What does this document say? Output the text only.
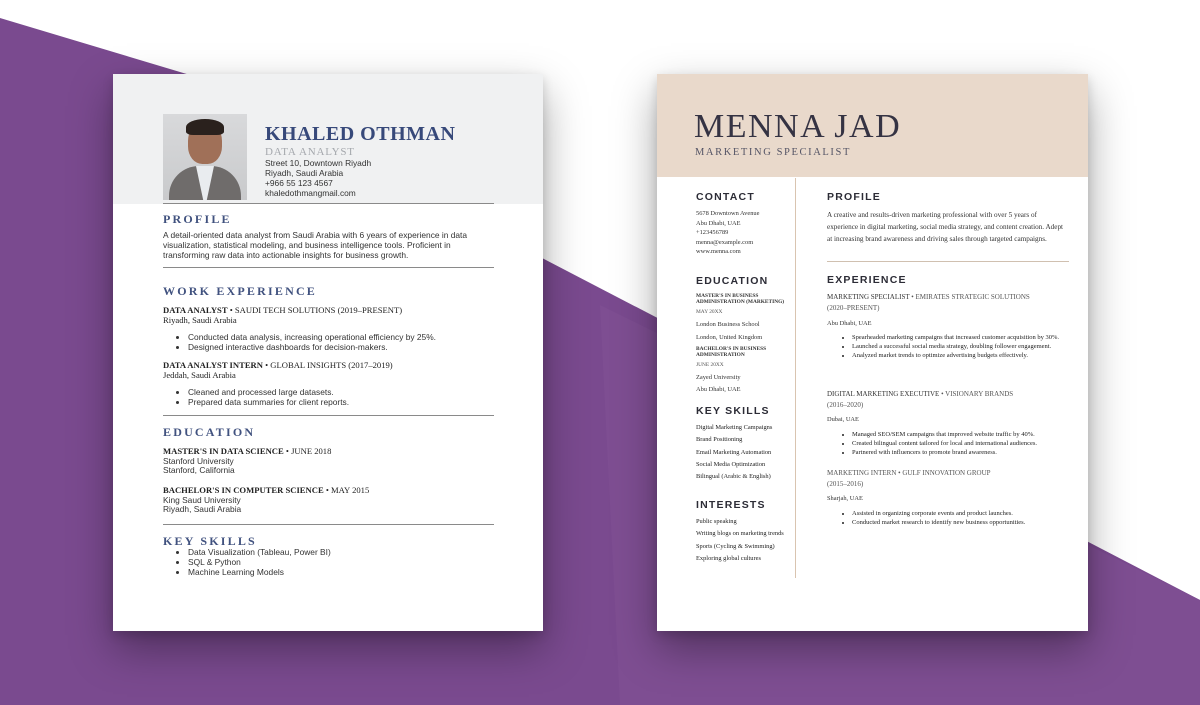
KHALED OTHMAN
DATA ANALYST
Street 10, Downtown Riyadh
Riyadh, Saudi Arabia
+966 55 123 4567
khaledothmangmail.com
PROFILE
A detail-oriented data analyst from Saudi Arabia with 6 years of experience in data visualization, statistical modeling, and business intelligence tools. Proficient in transforming raw data into actionable insights for business growth.
WORK EXPERIENCE
DATA ANALYST • SAUDI TECH SOLUTIONS (2019–PRESENT)
Riyadh, Saudi Arabia
• Conducted data analysis, increasing operational efficiency by 25%.
• Designed interactive dashboards for decision-makers.
DATA ANALYST INTERN • GLOBAL INSIGHTS (2017–2019)
Jeddah, Saudi Arabia
• Cleaned and processed large datasets.
• Prepared data summaries for client reports.
EDUCATION
MASTER'S IN DATA SCIENCE • JUNE 2018
Stanford University
Stanford, California
BACHELOR'S IN COMPUTER SCIENCE • MAY 2015
King Saud University
Riyadh, Saudi Arabia
KEY SKILLS
• Data Visualization (Tableau, Power BI)
• SQL & Python
• Machine Learning Models
MENNA JAD
MARKETING SPECIALIST
CONTACT
5678 Downtown Avenue
Abu Dhabi, UAE
+123456789
menna@example.com
www.menna.com
EDUCATION
MASTER'S IN BUSINESS ADMINISTRATION (MARKETING)
MAY 20XX
London Business School
London, United Kingdom
BACHELOR'S IN BUSINESS ADMINISTRATION
JUNE 20XX
Zayed University
Abu Dhabi, UAE
KEY SKILLS
Digital Marketing Campaigns
Brand Positioning
Email Marketing Automation
Social Media Optimization
Bilingual (Arabic & English)
INTERESTS
Public speaking
Writing blogs on marketing trends
Sports (Cycling & Swimming)
Exploring global cultures
PROFILE
A creative and results-driven marketing professional with over 5 years of experience in digital marketing, social media strategy, and content creation. Adept at increasing brand awareness and driving sales through targeted campaigns.
EXPERIENCE
MARKETING SPECIALIST • EMIRATES STRATEGIC SOLUTIONS
(2020–PRESENT)
Abu Dhabi, UAE
• Spearheaded marketing campaigns that increased customer acquisition by 30%.
• Launched a successful social media strategy, doubling follower engagement.
• Analyzed market trends to optimize advertising budgets effectively.
DIGITAL MARKETING EXECUTIVE • VISIONARY BRANDS
(2016–2020)
Dubai, UAE
• Managed SEO/SEM campaigns that improved website traffic by 40%.
• Created bilingual content tailored for local and international audiences.
• Partnered with influencers to promote brand awareness.
MARKETING INTERN • GULF INNOVATION GROUP
(2015–2016)
Sharjah, UAE
• Assisted in organizing corporate events and product launches.
• Conducted market research to identify new business opportunities.
